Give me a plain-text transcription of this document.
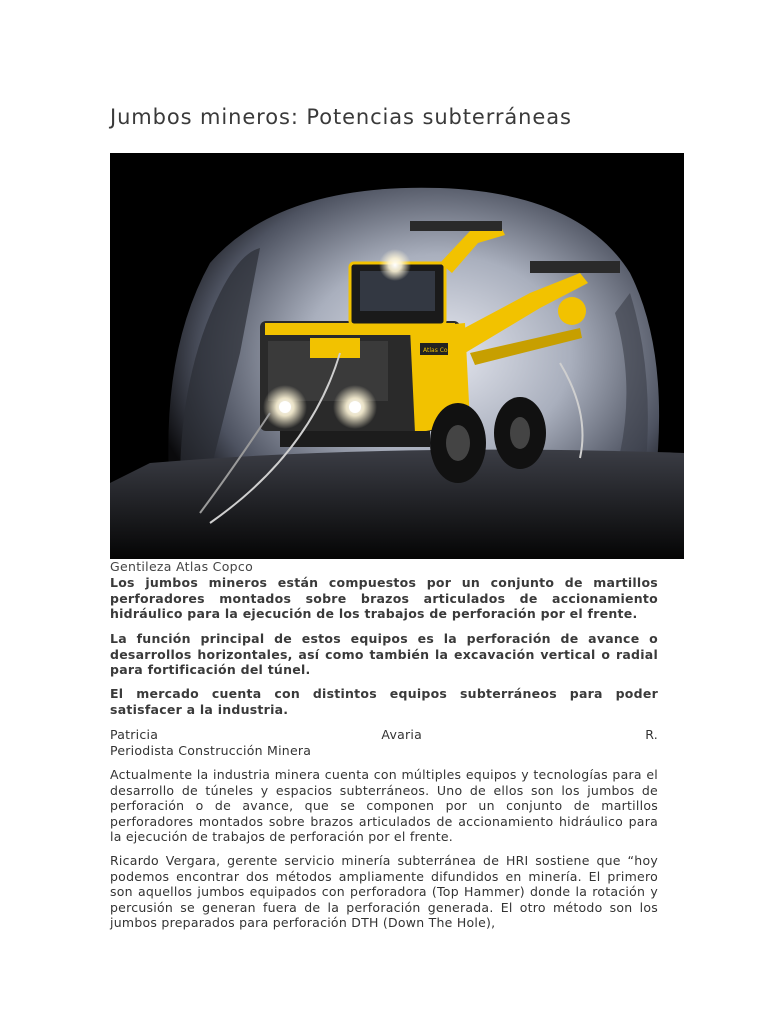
Jumbos mineros: Potencias subterráneas
Atlas Copco
Gentileza Atlas Copco

Los jumbos mineros están compuestos por un conjunto de martillos perforadores montados sobre brazos articulados de accionamiento hidráulico para la ejecución de los trabajos de perforación por el frente.

La función principal de estos equipos es la perforación de avance o desarrollos horizontales, así como también la excavación vertical o radial para fortificación del túnel.

El mercado cuenta con distintos equipos subterráneos para poder satisfacer a la industria.

Patricia	Avaria	R.
Periodista Construcción Minera

Actualmente la industria minera cuenta con múltiples equipos y tecnologías para el desarrollo de túneles y espacios subterráneos. Uno de ellos son los jumbos de perforación o de avance, que se componen por un conjunto de martillos perforadores montados sobre brazos articulados de accionamiento hidráulico para la ejecución de trabajos de perforación por el frente.

Ricardo Vergara, gerente servicio minería subterránea de HRI sostiene que “hoy podemos encontrar dos métodos ampliamente difundidos en minería. El primero son aquellos jumbos equipados con perforadora (Top Hammer) donde la rotación y percusión se generan fuera de la perforación generada. El otro método son los jumbos preparados para perforación DTH (Down The Hole),
